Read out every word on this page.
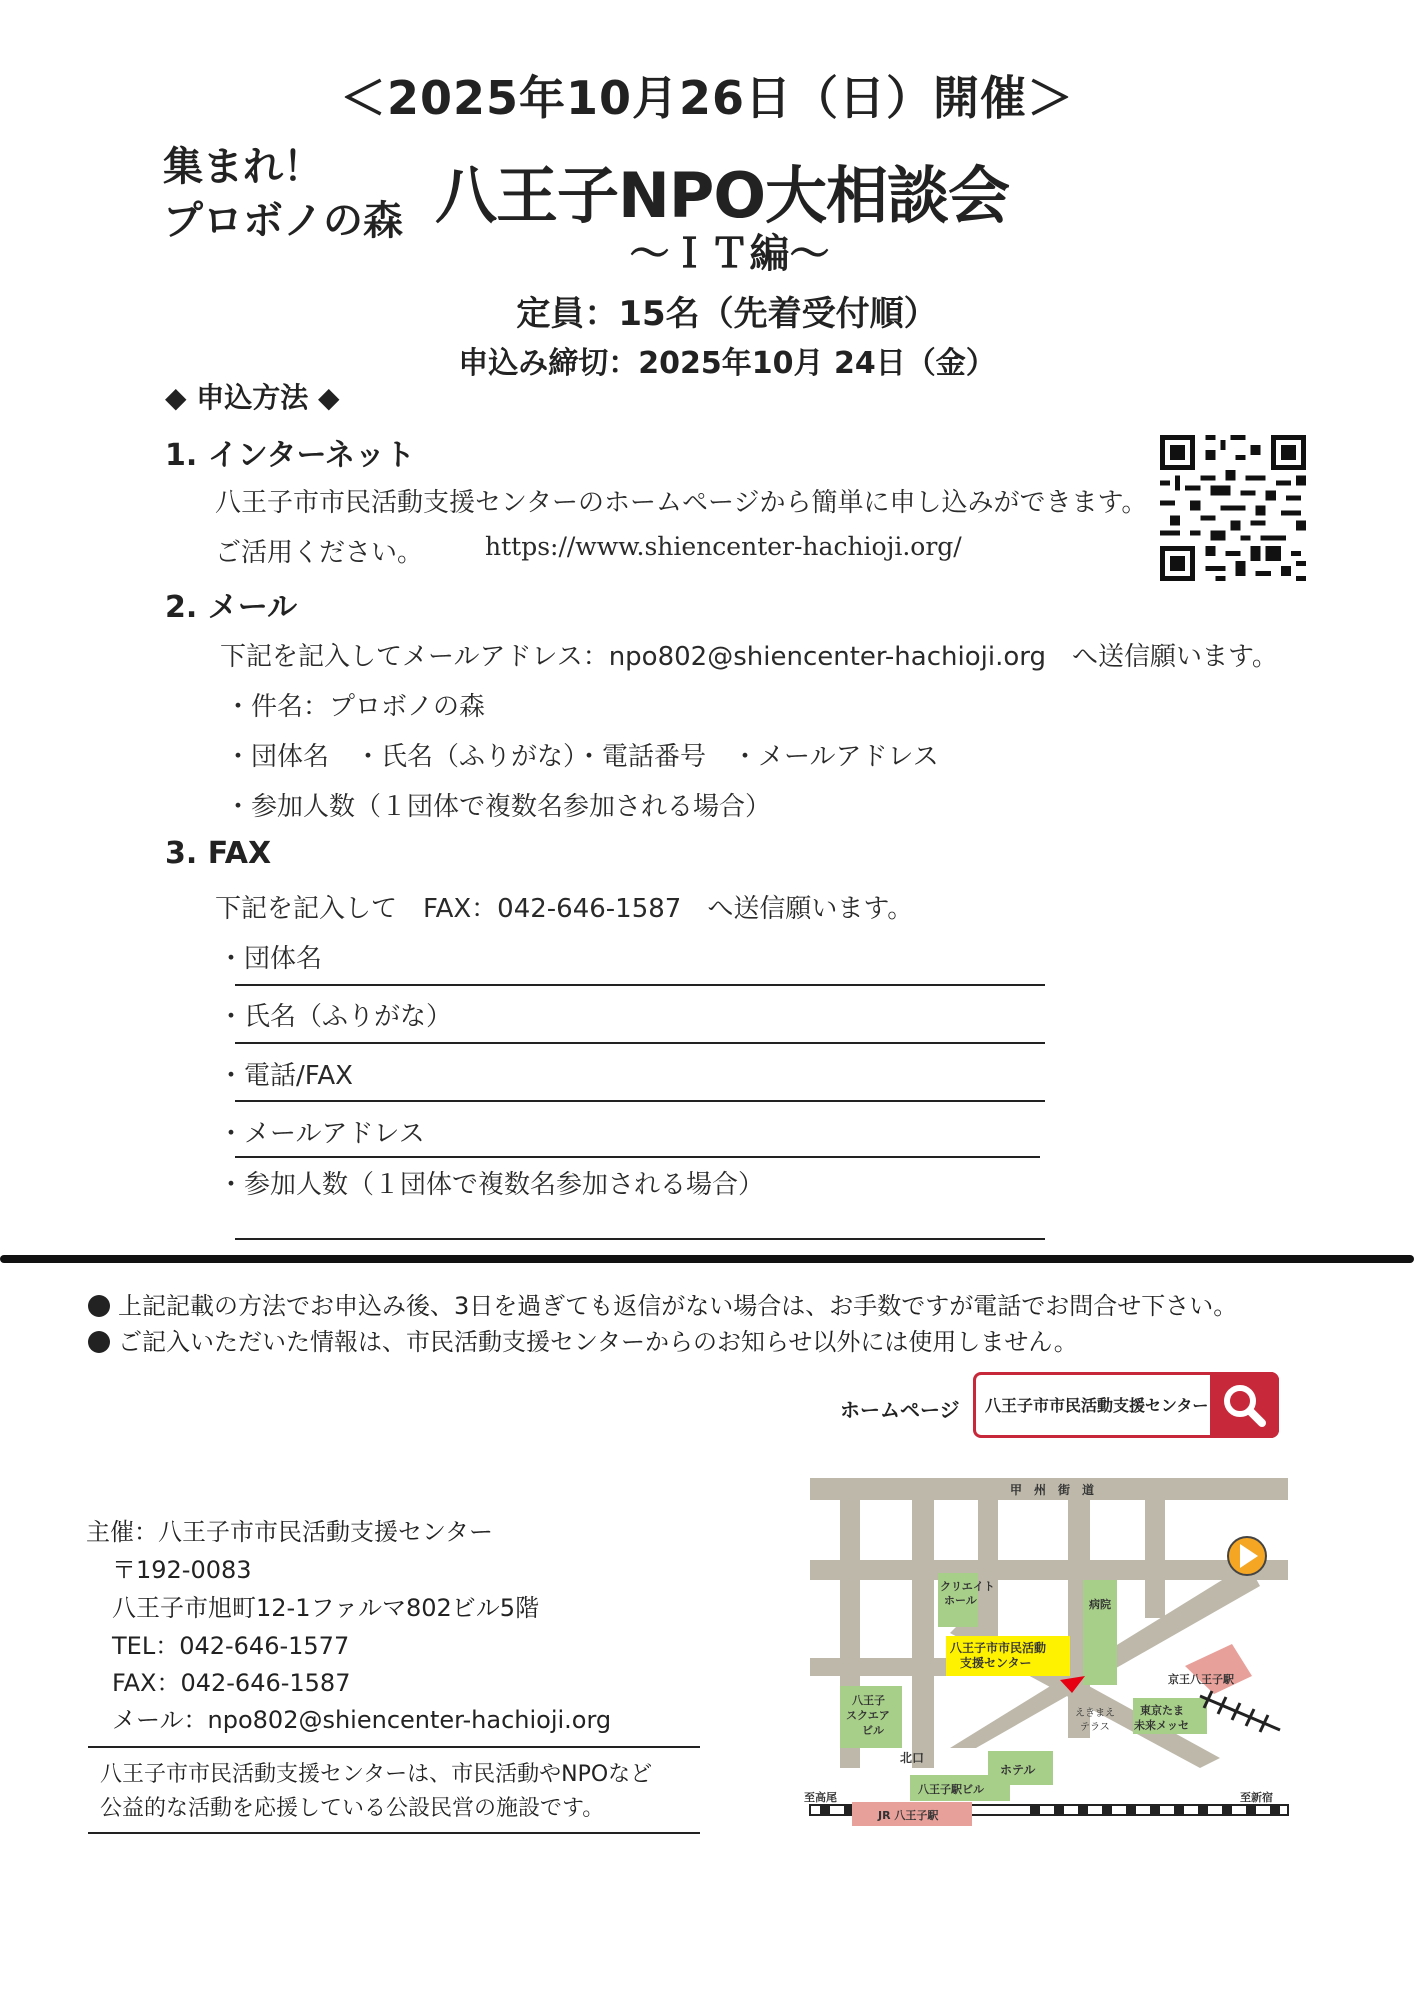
＜2025年10月26日（日）開催＞
集まれ！
プロボノの森 八王子NPO大相談会
～ＩＴ編～
定員：15名（先着受付順）
申込み締切：2025年10月 24日（金）
◆ 申込方法 ◆
1. インターネット
八王子市市民活動支援センターのホームページから簡単に申し込みができます。
ご活用ください。 https://www.shiencenter-hachioji.org/
2. メール
下記を記入してメールアドレス：npo802@shiencenter-hachioji.org　へ送信願います。
・件名：プロボノの森
・団体名　・氏名（ふりがな）・電話番号　・メールアドレス
・参加人数（１団体で複数名参加される場合）
3. FAX
下記を記入して　FAX：042-646-1587　へ送信願います。
・団体名
・氏名（ふりがな）
・電話/FAX
・メールアドレス
・参加人数（１団体で複数名参加される場合）
上記記載の方法でお申込み後、3日を過ぎても返信がない場合は、お手数ですが電話でお問合せ下さい。
ご記入いただいた情報は、市民活動支援センターからのお知らせ以外には使用しません。
ホームページ 八王子市市民活動支援センター
主催：八王子市市民活動支援センター
〒192-0083
八王子市旭町12-1ファルマ802ビル5階
TEL：042-646-1577
FAX：042-646-1587
メール：npo802@shiencenter-hachioji.org
八王子市市民活動支援センターは、市民活動やNPOなど
公益的な活動を応援している公設民営の施設です。
甲　州　街　道
クリエイト
ホール	病院
八王子市市民活動
支援センター
京王八王子駅
八王子
スクエア
ビル
えきまえ
テラス
東京たま
未来メッセ
北口
ホテル
八王子駅ビル
JR 八王子駅
至高尾	至新宿
